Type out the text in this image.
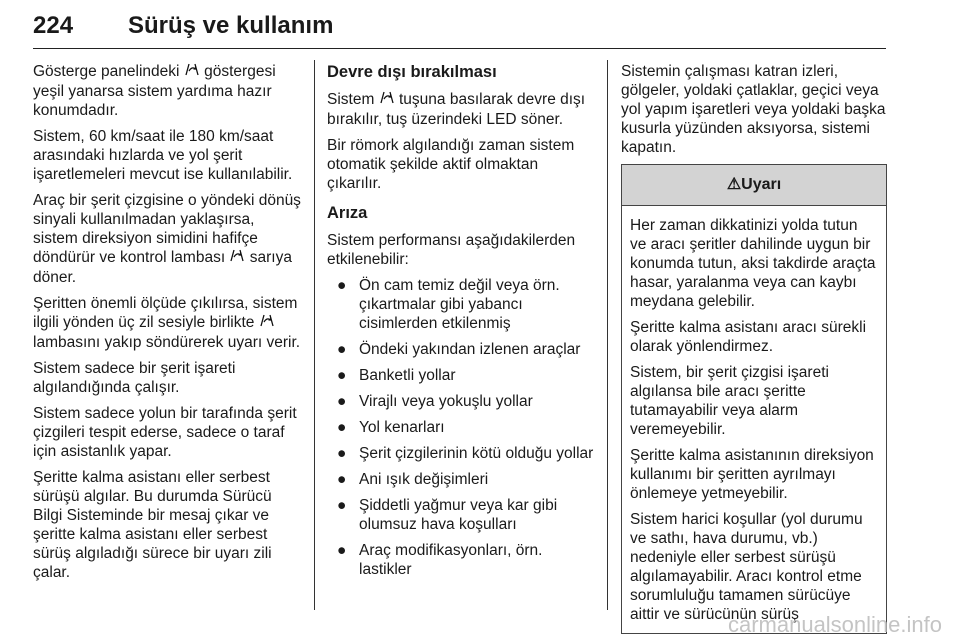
224 Sürüş ve kullanım

Gösterge panelindeki göstergesi yeşil yanarsa sistem yardıma hazır konumdadır.

Sistem, 60 km/saat ile 180 km/saat arasındaki hızlarda ve yol şerit işaretlemeleri mevcut ise kullanılabilir.

Araç bir şerit çizgisine o yöndeki dönüş sinyali kullanılmadan yaklaşırsa, sistem direksiyon simidini hafifçe döndürür ve kontrol lambası sarıya döner.

Şeritten önemli ölçüde çıkılırsa, sistem ilgili yönden üç zil sesiyle birlikte  lambasını yakıp söndürerek uyarı verir.

Sistem sadece bir şerit işareti algılandığında çalışır.

Sistem sadece yolun bir tarafında şerit çizgileri tespit ederse, sadece o taraf için asistanlık yapar.

Şeritte kalma asistanı eller serbest sürüşü algılar. Bu durumda Sürücü Bilgi Sisteminde bir mesaj çıkar ve şeritte kalma asistanı eller serbest sürüş algıladığı sürece bir uyarı zili çalar.

Devre dışı bırakılması

Sistem tuşuna basılarak devre dışı bırakılır, tuş üzerindeki LED söner.

Bir römork algılandığı zaman sistem otomatik şekilde aktif olmaktan çıkarılır.

Arıza

Sistem performansı aşağıdakilerden etkilenebilir:

● Ön cam temiz değil veya örn. çıkartmalar gibi yabancı cisimlerden etkilenmiş
● Öndeki yakından izlenen araçlar
● Banketli yollar
● Virajlı veya yokuşlu yollar
● Yol kenarları
● Şerit çizgilerinin kötü olduğu yollar
● Ani ışık değişimleri
● Şiddetli yağmur veya kar gibi olumsuz hava koşulları
● Araç modifikasyonları, örn. lastikler

Sistemin çalışması katran izleri, gölgeler, yoldaki çatlaklar, geçici veya yol yapım işaretleri veya yoldaki başka kusurla yüzünden aksıyorsa, sistemi kapatın.

⚠Uyarı

Her zaman dikkatinizi yolda tutun ve aracı şeritler dahilinde uygun bir konumda tutun, aksi takdirde araçta hasar, yaralanma veya can kaybı meydana gelebilir.

Şeritte kalma asistanı aracı sürekli olarak yönlendirmez.

Sistem, bir şerit çizgisi işareti algılansa bile aracı şeritte tutamayabilir veya alarm veremeyebilir.

Şeritte kalma asistanının direksiyon kullanımı bir şeritten ayrılmayı önlemeye yetmeyebilir.

Sistem harici koşullar (yol durumu ve sathı, hava durumu, vb.) nedeniyle eller serbest sürüşü algılamayabilir. Aracı kontrol etme sorumluluğu tamamen sürücüye aittir ve sürücünün sürüş

carmanualsonline.info
